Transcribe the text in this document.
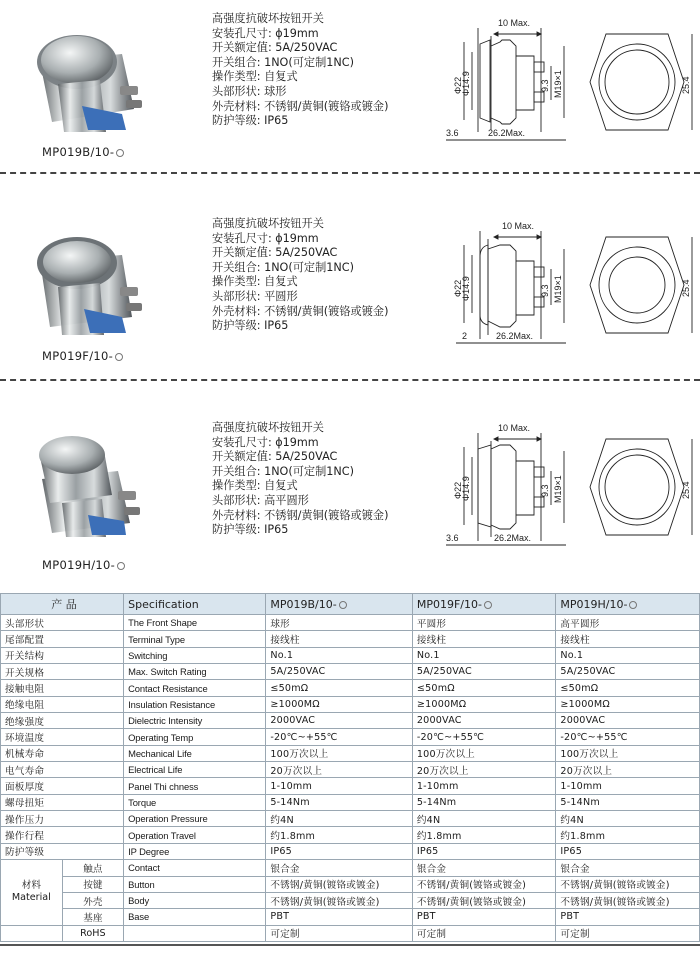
MP019B/10-
高强度抗破坏按钮开关
安装孔尺寸: ϕ19mm
开关额定值: 5A/250VAC
开关组合: 1NO(可定制1NC)
操作类型: 自复式
头部形状: 球形
外壳材料: 不锈钢/黄铜(镀铬或镀金)
防护等级: IP65
10 Max.
3.6	26.2Max.
Φ22
Φ14.9	9.3 M19×1	25.4
MP019F/10-
高强度抗破坏按钮开关
安装孔尺寸: ϕ19mm
开关额定值: 5A/250VAC
开关组合: 1NO(可定制1NC)
操作类型: 自复式
头部形状: 平圆形
外壳材料: 不锈钢/黄铜(镀铬或镀金)
防护等级: IP65
10 Max.
2	26.2Max.
Φ22
Φ14.9	9.3 M19×1	25.4
MP019H/10-
高强度抗破坏按钮开关
安装孔尺寸: ϕ19mm
开关额定值: 5A/250VAC
开关组合: 1NO(可定制1NC)
操作类型: 自复式
头部形状: 高平圆形
外壳材料: 不锈钢/黄铜(镀铬或镀金)
防护等级: IP65
10 Max.
3.6	26.2Max.
Φ22
Φ14.9	9.3 M19×1	25.4
产 品		Specification	MP019B/10-	MP019F/10-	MP019H/10-
头部形状		The Front Shape	球形	平圆形	高平圆形
尾部配置		Terminal Type	接线柱	接线柱	接线柱
开关结构		Switching	No.1	No.1	No.1
开关规格		Max. Switch Rating	5A/250VAC	5A/250VAC	5A/250VAC
接触电阻		Contact Resistance	≤50mΩ	≤50mΩ	≤50mΩ
绝缘电阻		Insulation Resistance	≥1000MΩ	≥1000MΩ	≥1000MΩ
绝缘强度		Dielectric Intensity	2000VAC	2000VAC	2000VAC
环境温度		Operating Temp	-20℃~+55℃	-20℃~+55℃	-20℃~+55℃
机械寿命		Mechanical Life	100万次以上	100万次以上	100万次以上
电气寿命		Electrical Life	20万次以上	20万次以上	20万次以上
面板厚度		Panel Thi chness	1-10mm	1-10mm	1-10mm
螺母扭矩		Torque	5-14Nm	5-14Nm	5-14Nm
操作压力		Operation Pressure	约4N	约4N	约4N
操作行程		Operation Travel	约1.8mm	约1.8mm	约1.8mm
防护等级		IP Degree	IP65	IP65	IP65

材料
Material	触点	Contact	银合金	银合金	银合金
	按键	Button	不锈钢/黄铜(镀铬或镀金)	不锈钢/黄铜(镀铬或镀金)	不锈钢/黄铜(镀铬或镀金)
	外壳	Body	不锈钢/黄铜(镀铬或镀金)	不锈钢/黄铜(镀铬或镀金)	不锈钢/黄铜(镀铬或镀金)
	基座	Base	PBT	PBT	PBT
	RoHS		可定制	可定制	可定制
